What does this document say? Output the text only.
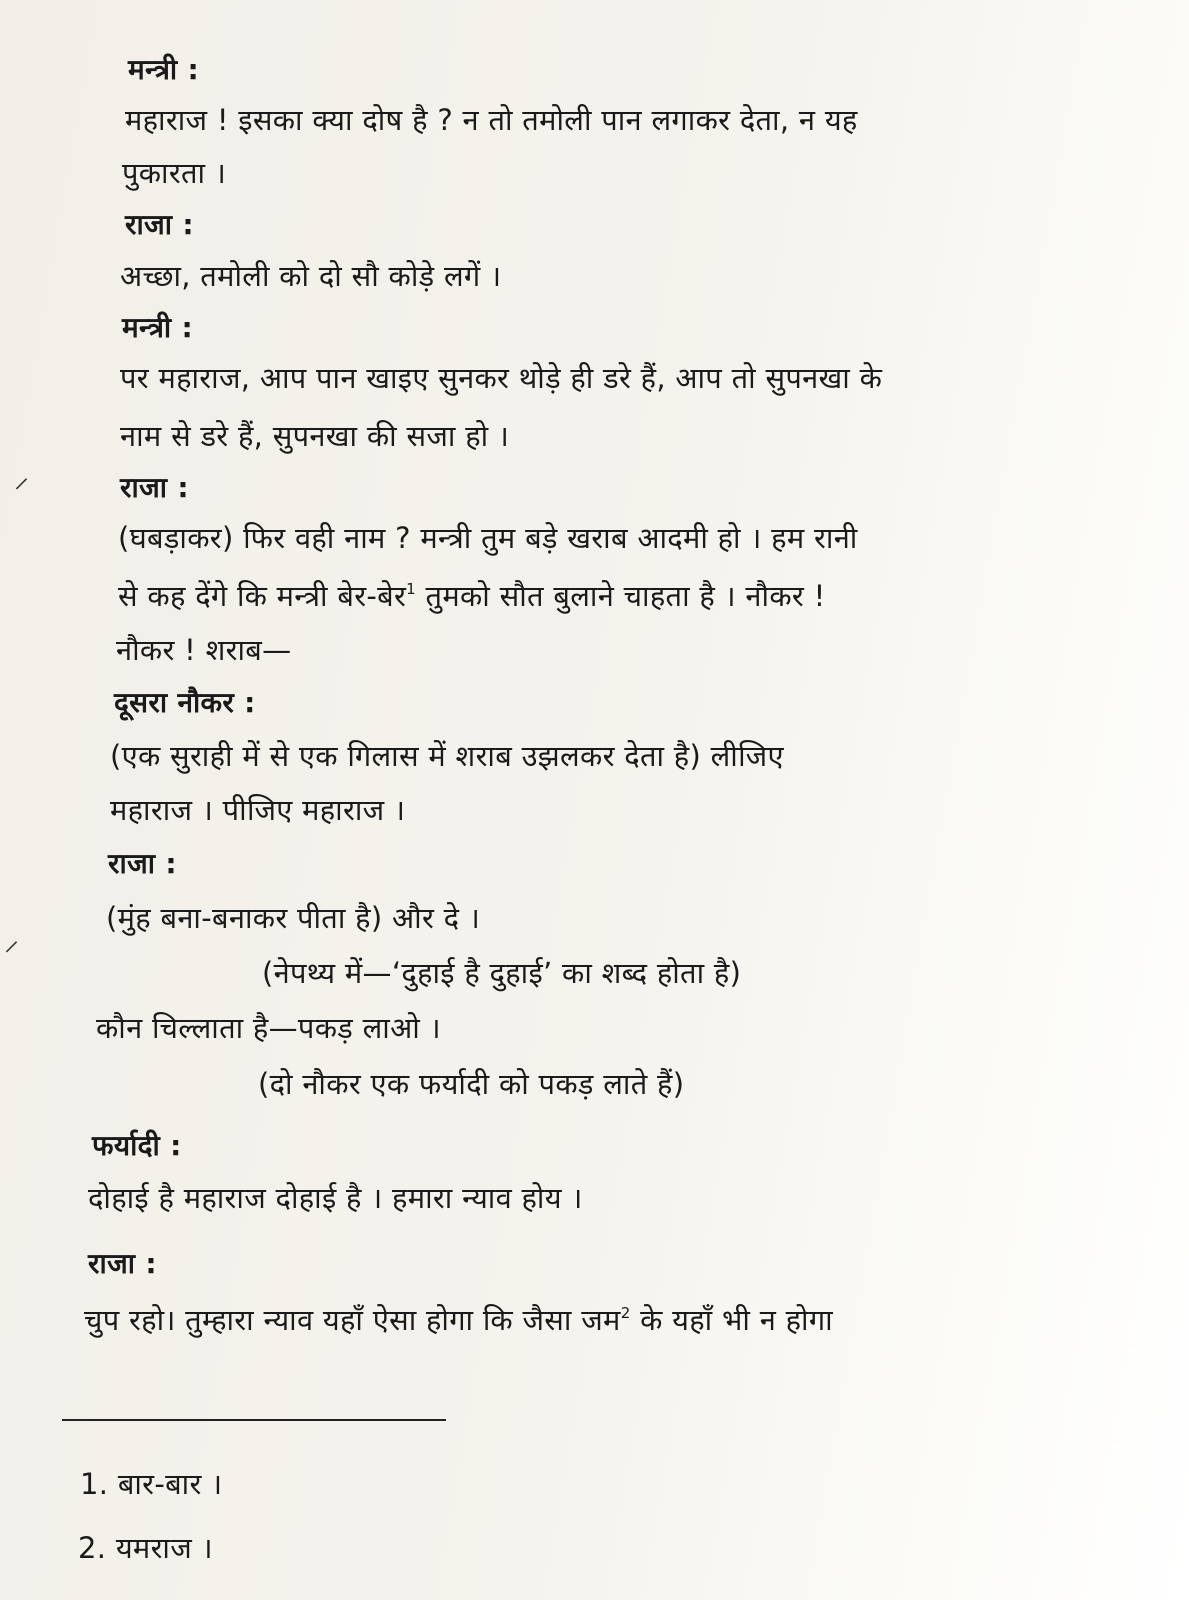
मन्त्री :
महाराज ! इसका क्या दोष है ? न तो तमोली पान लगाकर देता, न यह
पुकारता ।
राजा :
अच्छा, तमोली को दो सौ कोड़े लगें ।
मन्त्री :
पर महाराज, आप पान खाइए सुनकर थोड़े ही डरे हैं, आप तो सुपनखा के
नाम से डरे हैं, सुपनखा की सजा हो ।
राजा :
(घबड़ाकर) फिर वही नाम ? मन्त्री तुम बड़े खराब आदमी हो । हम रानी
से कह देंगे कि मन्त्री बेर-बेर$^1$ तुमको सौत बुलाने चाहता है । नौकर !
नौकर ! शराब—
दूसरा नौकर :
(एक सुराही में से एक गिलास में शराब उझलकर देता है) लीजिए
महाराज । पीजिए महाराज ।
राजा :
(मुंह बना-बनाकर पीता है) और दे ।
(नेपथ्य में—‘दुहाई है दुहाई’ का शब्द होता है)
कौन चिल्लाता है—पकड़ लाओ ।
(दो नौकर एक फर्यादी को पकड़ लाते हैं)
फर्यादी :
दोहाई है महाराज दोहाई है । हमारा न्याव होय ।
राजा :
चुप रहो। तुम्हारा न्याव यहाँ ऐसा होगा कि जैसा जम$^2$ के यहाँ भी न होगा
1. बार-बार ।
2. यमराज ।
⸝
⸝
